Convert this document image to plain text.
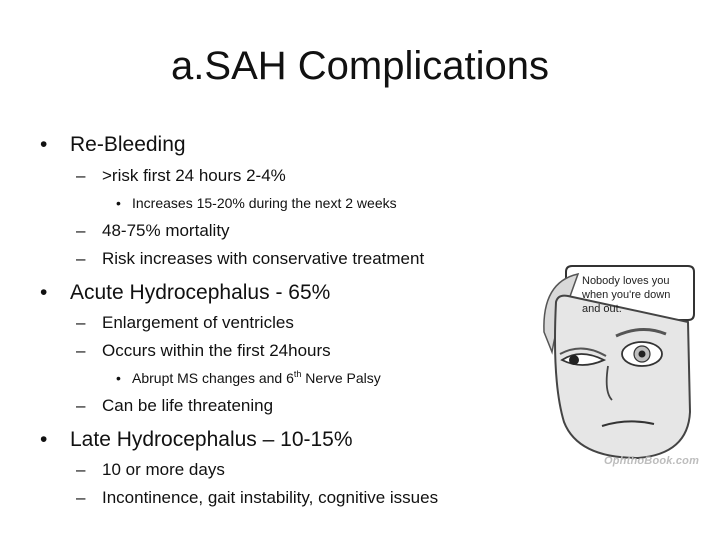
a.SAH Complications
• Re-Bleeding
– >risk first 24 hours 2-4%
• Increases 15-20% during the next 2 weeks
– 48-75% mortality
– Risk increases with conservative treatment
• Acute Hydrocephalus - 65%
– Enlargement of ventricles
– Occurs within the first 24hours
• Abrupt MS changes and 6th Nerve Palsy
– Can be life threatening
• Late Hydrocephalus – 10-15%
– 10 or more days
– Incontinence, gait instability, cognitive issues
Nobody loves you
when you're down
and out.
OphthoBook.com
